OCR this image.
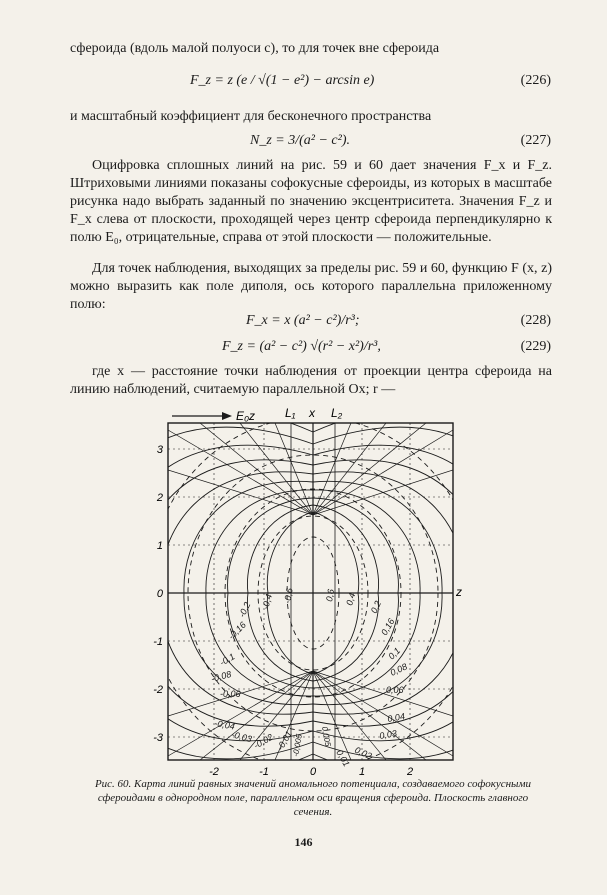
сфероида (вдоль малой полуоси c), то для точек вне сфероида
F_z = z (e / √(1 − e²) − arcsin e)	(226)
и масштабный коэффициент для бесконечного пространства
N_z = 3/(a² − c²).	(227)
Оцифровка сплошных линий на рис. 59 и 60 дает значения F_x и F_z. Штриховыми линиями показаны софокусные сфероиды, из которых в масштабе рисунка надо выбрать заданный по значению эксцентриситета. Значения F_z и F_x слева от плоскости, проходящей через центр сфероида перпендикулярно к полю E₀, отрицательные, справа от этой плоскости — положительные.
Для точек наблюдения, выходящих за пределы рис. 59 и 60, функцию F (x, z) можно выразить как поле диполя, ось которого параллельна приложенному полю:
F_x = x (a² − c²)/r³;	(228)
F_z = (a² − c²) √(r² − x²)/r³,	(229)
где x — расстояние точки наблюдения от проекции центра сфероида на линию наблюдений, считаемую параллельной Ox; r —
E₀z L₁ x L₂
z
3
2
1
0
-1
-2
-3
-2	-1	0	1	2
-0,6
-0,4
-0,2
-0,16
-0,1
-0,08
-0,06
-0,04
-0,03 -0,02 -0,01
0,6 0,4
0,2
0,16
0,1
0,08
0,06
0,04
0,03
0,02
0,01
-0,005 0,005
Рис. 60. Карта линий равных значений аномального потенциала, создаваемого софокусными сфероидами в однородном поле, параллельном оси вращения сфероида. Плоскость главного сечения.
146
